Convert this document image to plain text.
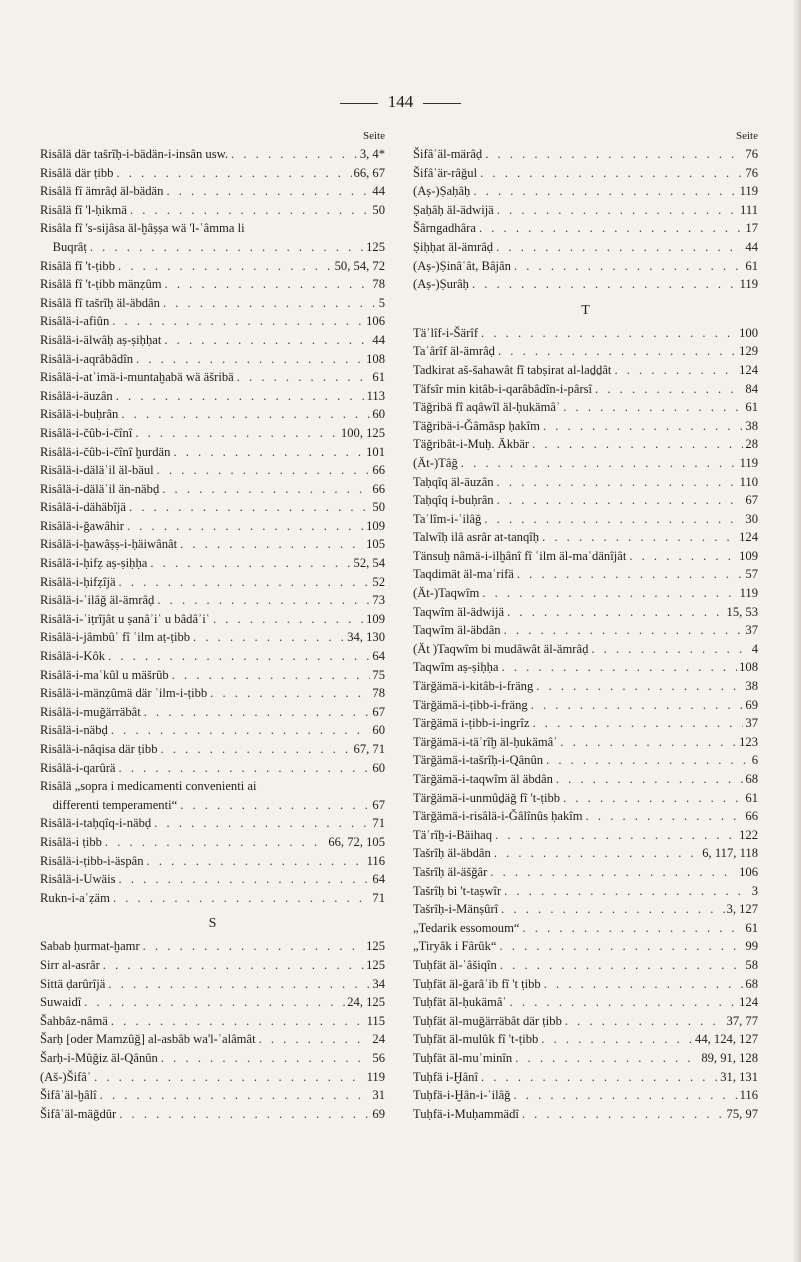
144
Seite
Risâlä där tašrîḥ-i-bädän-i-insân usw. . . .	3, 4*
Risâlä där ṭibb . . .	66, 67
Risâlä fî ämrâḍ äl-bädän . . .	44
Risâlä fî 'l-ḥikmä . . .	50
Risâla fî 's-sijâsa äl-ḫâṣṣa wä 'l-ʿâmma li
Buqrâṭ . . .	125
Risâlä fî 't-ṭibb . . .	50, 54, 72
Risâlä fî 't-ṭibb mänẓûm . . .	78
Risâlä fî tašrîḥ äl-äbdân . . .	5
Risâlä-i-afiûn . . .	106
Risâlä-i-älwâḥ aṣ-ṣiḥḥat . . .	44
Risâlä-i-aqrâbâdîn . . .	108
Risâlä-i-atʿimä-i-muntaḫabä wä äšribä . . .	61
Risâlä-i-äuzân . . .	113
Risâlä-i-buḥrân . . .	60
Risâlä-i-čûb-i-čînî . . .	100, 125
Risâlä-i-čûb-i-čînî ḫurdän . . .	101
Risâlä-i-däläʾil äl-bäul . . .	66
Risâlä-i-däläʾil än-näbḍ . . .	66
Risâlä-i-dähäbîjä . . .	50
Risâlä-i-ǧawâhir . . .	109
Risâlä-i-ḫawâṣṣ-i-ḥäiwânât . . .	105
Risâlä-i-ḥifẓ aṣ-ṣiḥḥa . . .	52, 54
Risâlä-i-ḥifẓîjä . . .	52
Risâlä-i-ʿilâǧ äl-ämrâḍ . . .	73
Risâlä-i-ʿiṭrîjât u ṣanâʾiʿ u bâdâʾiʿ . . .	109
Risâlä-i-jâmbûʿ fî ʿilm aṭ-ṭibb . . .	34, 130
Risâlä-i-Kôk . . .	64
Risâlä-i-maʿkûl u mäšrûb . . .	75
Risâlä-i-mänẓûmä där ʿilm-i-ṭibb . . .	78
Risâlä-i-muǧärräbât . . .	67
Risâlä-i-näbḍ . . .	60
Risâlä-i-nâqisa där ṭibb . . .	67, 71
Risâlä-i-qarûrä . . .	60
Risâlä „sopra i medicamenti convenienti ai
differenti temperamenti“ . . .	67
Risâlä-i-taḥqîq-i-näbḍ . . .	71
Risâlä-i ṭibb . . .	66, 72, 105
Risâlä-i-ṭibb-i-äspân . . .	116
Risâlä-i-Uwäis . . .	64
Rukn-i-aʿẓäm . . .	71
S
Sabab ḥurmat-ḫamr . . .	125
Sirr al-asrâr . . .	125
Sittä ḍarûrîjä . . .	34
Suwaidî . . .	24, 125
Šahbâz-nâmä . . .	115
Šarḥ [oder Mamzûǧ] al-asbâb wa'l-ʿalâmât . . .	24
Šarḥ-i-Mûǧiz äl-Qânûn . . .	56
(Aš-)Šifâʾ . . .	119
Šifâʾäl-ḫâlî . . .	31
Šifâʾäl-mäǧdûr . . .	69
Seite
Šifâʾäl-märâḍ . . .	76
Šifâʾär-râǧul . . .	76
(Aṣ-)Ṣaḥâḥ . . .	119
Ṣaḥâḥ äl-ädwijä . . .	111
Šârngadhâra . . .	17
Ṣiḥḥat äl-ämrâḍ . . .	44
(Aṣ-)Ṣinâʿât, Bâjân . . .	61
(Aṣ-)Ṣurâḥ . . .	119
T
Täʾlîf-i-Šärîf . . .	100
Taʿârîf äl-ämrâḍ . . .	129
Tadkirat aš-šahawât fî tabṣirat al-laḏḏât . . .	124
Täfsîr min kitâb-i-qarâbâdîn-i-pârsî . . .	84
Täǧribä fî aqâwîl äl-ḥukämâʾ . . .	61
Täǧribä-i-Ǧâmâsp ḥakîm . . .	38
Täǧribât-i-Muḥ. Äkbär . . .	28
(Ät-)Tâǧ . . .	119
Taḥqîq äl-äuzân . . .	110
Taḥqîq i-buḥrân . . .	67
Taʿlîm-i-ʿilâǧ . . .	30
Talwîḥ ilâ asrâr at-tanqîḥ . . .	124
Tänsuḫ nâmä-i-ilḫânî fî ʿilm äl-maʿdänîjât . . .	109
Taqdimät äl-maʿrifä . . .	57
(Ät-)Taqwîm . . .	119
Taqwîm äl-ädwijä . . .	15, 53
Taqwîm äl-äbdân . . .	37
(Ät )Taqwîm bi mudâwât äl-ämrâḍ . . .	4
Taqwîm aṣ-ṣiḥḥa . . .	108
Tärǧämä-i-kitâb-i-fräng . . .	38
Tärǧämä-i-ṭibb-i-fräng . . .	69
Tärǧämä i-ṭibb-i-ingrîz . . .	37
Tärǧämä-i-täʾrîḫ äl-ḥukämâʾ . . .	123
Tärǧämä-i-tašrîḥ-i-Qânûn . . .	6
Tärǧämä-i-taqwîm äl äbdân . . .	68
Tärǧämä-i-unmûḏäǧ fî 't-ṭibb . . .	61
Tärǧämä-i-risâlä-i-Ǧâlînûs ḥakîm . . .	66
Täʾrîḫ-i-Bäihaq . . .	122
Tašrîḥ äl-äbdân . . .	6, 117, 118
Tašrîḥ äl-äšǧâr . . .	106
Tašrîḥ bi 't-taṣwîr . . .	3
Tašrîḥ-i-Mänṣûrî . . .	3, 127
„Tedarik essomoum“ . . .	61
„Tiryâk i Fârûk“ . . .	99
Tuḥfät äl-ʿâšiqîn . . .	58
Tuḥfät äl-ǧarâʾib fî 't ṭibb . . .	68
Tuḥfät äl-ḥukämâʾ . . .	124
Tuḥfät äl-muǧärräbât där ṭibb . . .	37, 77
Tuḥfät äl-mulûk fî 't-ṭibb . . .	44, 124, 127
Tuḥfät äl-muʾminîn . . .	89, 91, 128
Tuḥfä i-Ḫânî . . .	31, 131
Tuḥfä-i-Ḫân-i-ʿilâǧ . . .	116
Tuḥfä-i-Muḥammädî . . .	75, 97
